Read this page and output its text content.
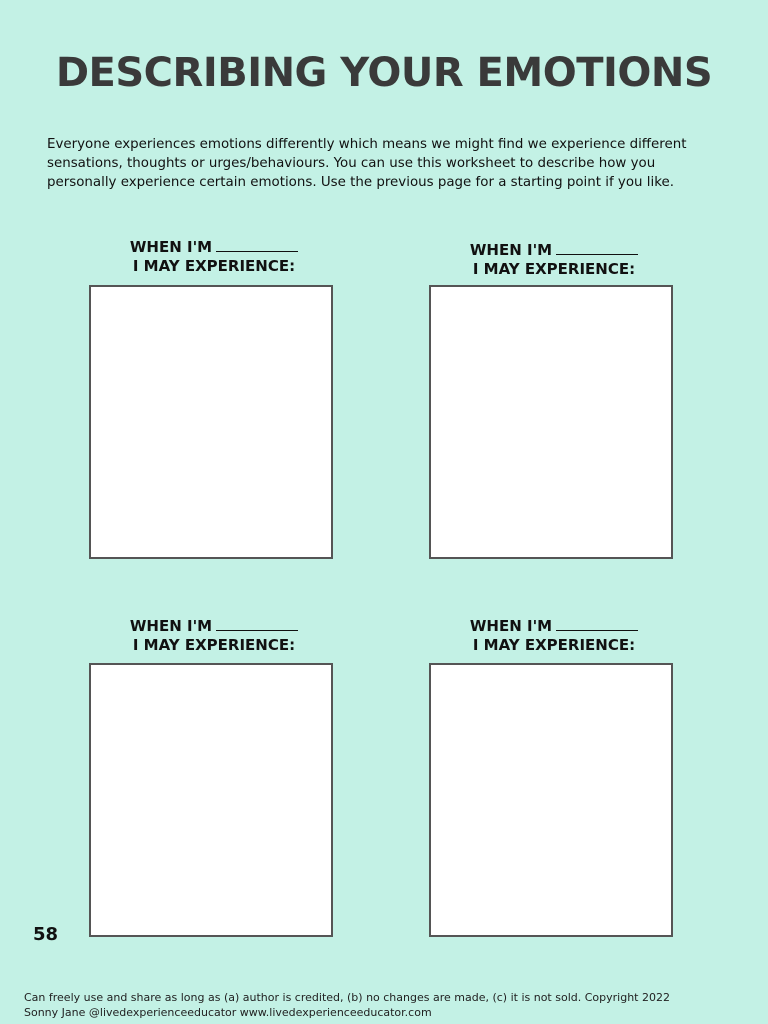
DESCRIBING YOUR EMOTIONS

Everyone experiences emotions differently which means we might find we experience different

sensations, thoughts or urges/behaviours. You can use this worksheet to describe how you

personally experience certain emotions. Use the previous page for a starting point if you like.

WHEN I'M
I MAY EXPERIENCE:
WHEN I'M
I MAY EXPERIENCE:
WHEN I'M
I MAY EXPERIENCE:
WHEN I'M
I MAY EXPERIENCE:
58

Can freely use and share as long as (a) author is credited, (b) no changes are made, (c) it is not sold. Copyright 2022

Sonny Jane @livedexperienceeducator www.livedexperienceeducator.com
